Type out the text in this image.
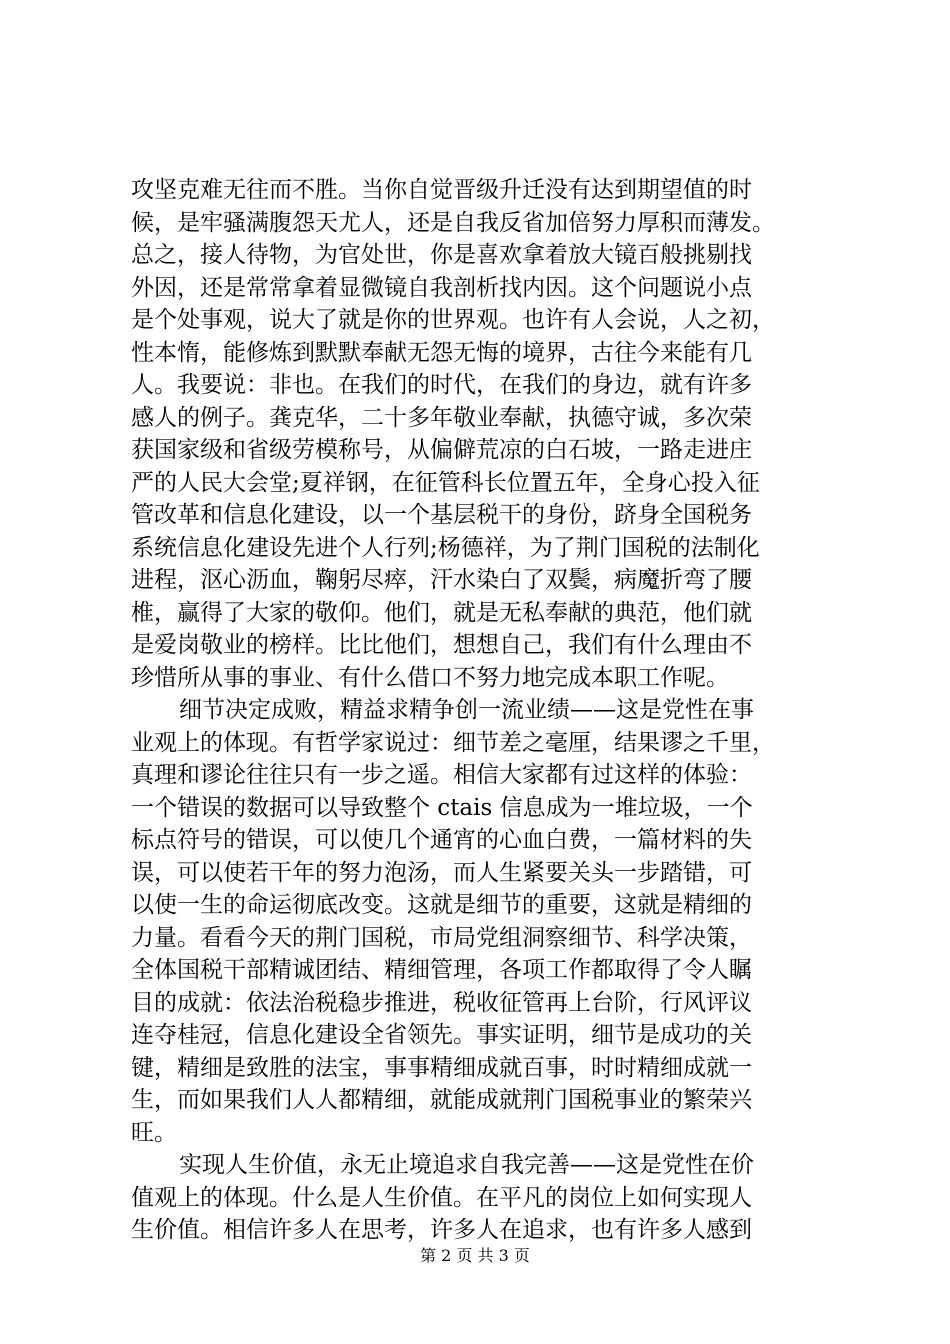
攻坚克难无往而不胜。当你自觉晋级升迁没有达到期望值的时
候，是牢骚满腹怨天尤人，还是自我反省加倍努力厚积而薄发。
总之，接人待物，为官处世，你是喜欢拿着放大镜百般挑剔找
外因，还是常常拿着显微镜自我剖析找内因。这个问题说小点
是个处事观，说大了就是你的世界观。也许有人会说，人之初，
性本惰，能修炼到默默奉献无怨无悔的境界，古往今来能有几
人。我要说：非也。在我们的时代，在我们的身边，就有许多
感人的例子。龚克华，二十多年敬业奉献，执德守诚，多次荣
获国家级和省级劳模称号，从偏僻荒凉的白石坡，一路走进庄
严的人民大会堂;夏祥钢，在征管科长位置五年，全身心投入征
管改革和信息化建设，以一个基层税干的身份，跻身全国税务
系统信息化建设先进个人行列;杨德祥，为了荆门国税的法制化
进程，沤心沥血，鞠躬尽瘁，汗水染白了双鬓，病魔折弯了腰
椎，赢得了大家的敬仰。他们，就是无私奉献的典范，他们就
是爱岗敬业的榜样。比比他们，想想自己，我们有什么理由不
珍惜所从事的事业、有什么借口不努力地完成本职工作呢。
细节决定成败，精益求精争创一流业绩——这是党性在事
业观上的体现。有哲学家说过：细节差之毫厘，结果谬之千里，
真理和谬论往往只有一步之遥。相信大家都有过这样的体验：
一个错误的数据可以导致整个 ctais 信息成为一堆垃圾，一个
标点符号的错误，可以使几个通宵的心血白费，一篇材料的失
误，可以使若干年的努力泡汤，而人生紧要关头一步踏错，可
以使一生的命运彻底改变。这就是细节的重要，这就是精细的
力量。看看今天的荆门国税，市局党组洞察细节、科学决策，
全体国税干部精诚团结、精细管理，各项工作都取得了令人瞩
目的成就：依法治税稳步推进，税收征管再上台阶，行风评议
连夺桂冠，信息化建设全省领先。事实证明，细节是成功的关
键，精细是致胜的法宝，事事精细成就百事，时时精细成就一
生，而如果我们人人都精细，就能成就荆门国税事业的繁荣兴
旺。
实现人生价值，永无止境追求自我完善——这是党性在价
值观上的体现。什么是人生价值。在平凡的岗位上如何实现人
生价值。相信许多人在思考，许多人在追求，也有许多人感到
第 2 页 共 3 页
